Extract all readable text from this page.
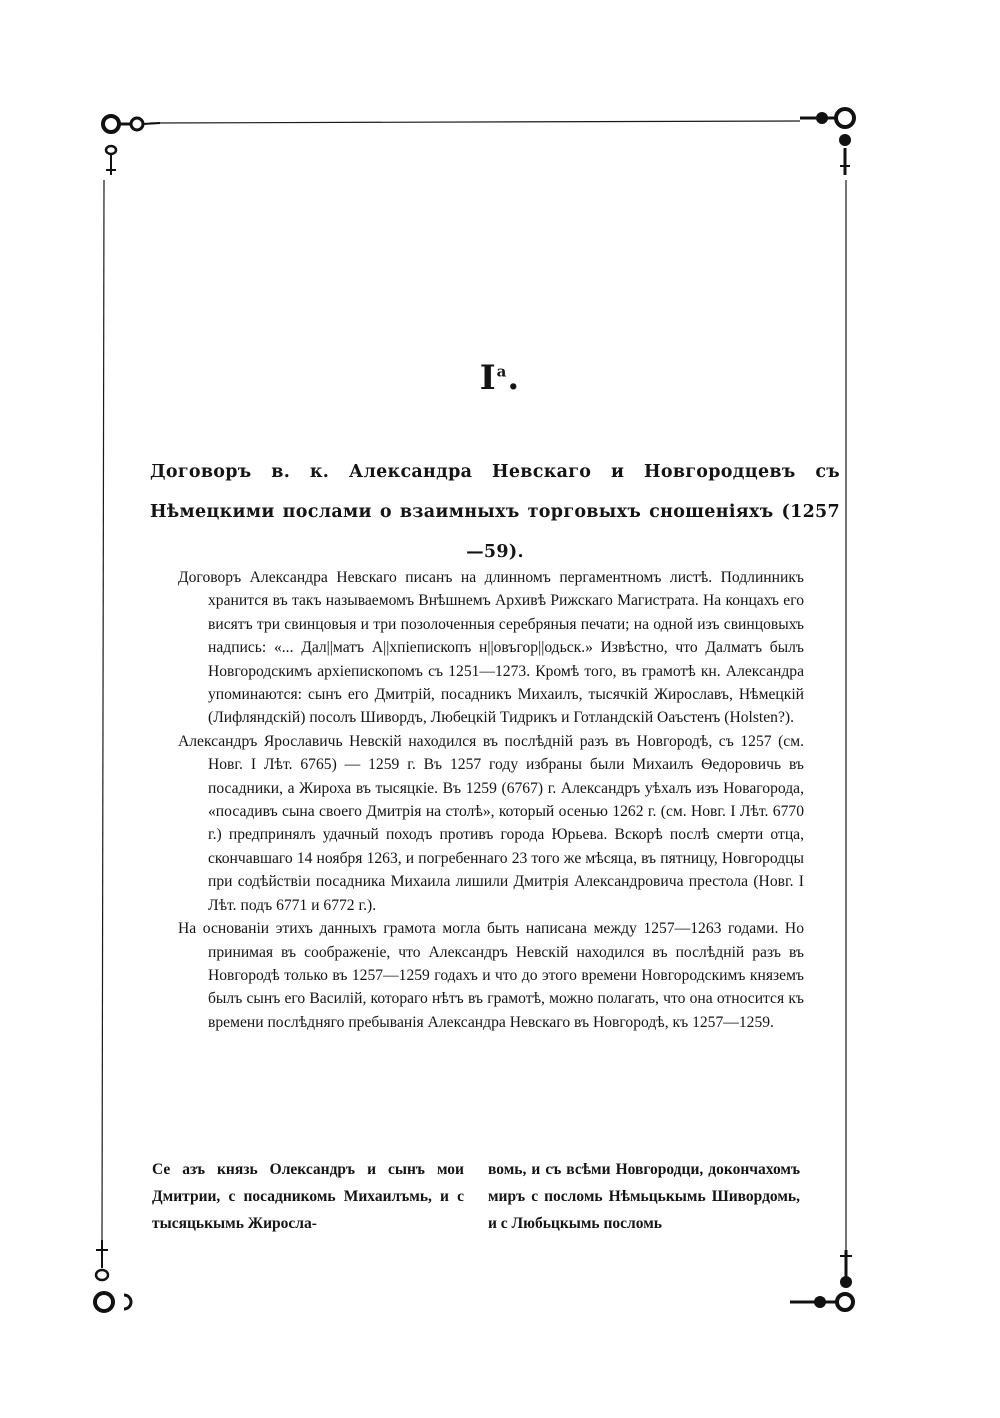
$I^а$.
Договоръ в. к. Александра Невскаго и Новгородцевъ съ Нѣмецкими послами о взаимныхъ торговыхъ сношеніяхъ (1257—59).

Договоръ Александра Невскаго писанъ на длинномъ пергаментномъ листѣ. Подлинникъ хранится въ такъ называемомъ Внѣшнемъ Архивѣ Рижскаго Магистрата. На концахъ его висятъ три свинцовыя и три позолоченныя серебряныя печати; на одной изъ свинцовыхъ надпись: «... Дал||матъ А||хпiепископъ н||овъгор||одьск.» Извѣстно, что Далматъ былъ Новгородскимъ архiепископомъ съ 1251—1273. Кромѣ того, въ грамотѣ кн. Александра упоминаются: сынъ его Дмитрiй, посадникъ Михаилъ, тысячкiй Жирославъ, Нѣмецкiй (Лифляндскiй) посолъ Шивордъ, Любецкiй Тидрикъ и Готландскiй Оаъстенъ (Holsten?).

Александръ Ярославичь Невскiй находился въ послѣднiй разъ въ Новгородѣ, съ 1257 (см. Новг. I Лѣт. 6765) — 1259 г. Въ 1257 году избраны были Михаилъ Ѳедоровичь въ посадники, а Жироха въ тысяцкiе. Въ 1259 (6767) г. Александръ уѣхалъ изъ Новагорода, «посадивъ сына своего Дмитрiя на столѣ», который осенью 1262 г. (см. Новг. I Лѣт. 6770 г.) предпринялъ удачный походъ противъ города Юрьева. Вскорѣ послѣ смерти отца, скончавшаго 14 ноября 1263, и погребеннаго 23 того же мѣсяца, въ пятницу, Новгородцы при содѣйствiи посадника Михаила лишили Дмитрiя Александровича престола (Новг. I Лѣт. подъ 6771 и 6772 г.).

На основанiи этихъ данныхъ грамота могла быть написана между 1257—1263 годами. Но принимая въ соображенiе, что Александръ Невскiй находился въ послѣднiй разъ въ Новгородѣ только въ 1257—1259 годахъ и что до этого времени Новгородскимъ княземъ былъ сынъ его Василiй, котораго нѣтъ въ грамотѣ, можно полагать, что она относится къ времени послѣдняго пребыванiя Александра Невскаго въ Новгородѣ, къ 1257—1259.

Се азъ князь Олександръ и сынъ мои Дмитрии, с посадникомь Михаилъмь, и с тысяцькымь Жиросла-
вомь, и съ всѣми Новгородци, докончахомъ миръ с посломь Нѣмьцькымь Шивордомь, и с Любьцкымь посломь
